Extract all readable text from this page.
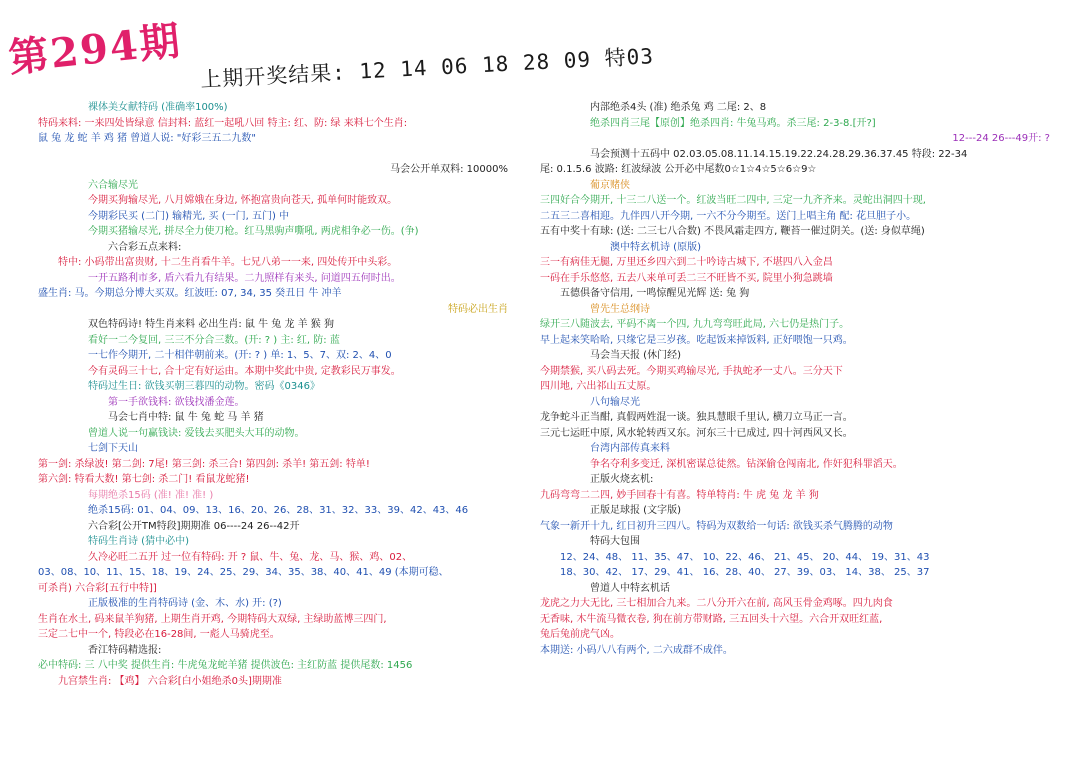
第294期 上期开奖结果: 12 14 06 18 28 09 特03
裸体美女献特码 (准确率100%)
特码来料: 一来四处皆绿意 信封料: 蓝红一起吼八回 特主: 红、防: 绿 来料七个生肖:
鼠 兔 龙 蛇 羊 鸡 猪 曾道人说: "好彩三五二九数"
马会公开单双料: 10000%
六合输尽光
今期买狗输尽光, 八月嫦娥在身边, 怀抱富贵向苍天, 孤单何时能致双。
今期彩民买 (二门) 输精光, 买 (一门, 五门) 中
今期买猪输尽光, 拼尽全力使刀枪。红马黑驹声嘶吼, 两虎相争必一伤。(争)
六合彩五点来料:
特中: 小码带出富贵财, 十二生肖看牛羊。七兄八弟一一来, 四处传开中头彩。
一开五路利市多, 盾六看九有结果。二九照样有来头, 问道四五何时出。
盛生肖: 马。今期总分博大买双。红波旺: 07, 34, 35 癸丑日 牛 冲羊
特码必出生肖
双色特码诗! 特生肖来料 必出生肖: 鼠 牛 兔 龙 羊 猴 狗
看好一二今复回, 三三不分合三数。(开: ? ) 主: 红, 防: 蓝
一七作今期开, 二十相伴朝前来。(开: ? ) 单: 1、5、7、双: 2、4、0
今有灵码三十七, 合十定有好运由。本期中奖此中贵, 定教彩民万事发。
特码过生日: 欲钱买朝三暮四的动物。密码《0346》
第一手欲钱料: 欲钱找潘金莲。
马会七肖中特: 鼠 牛 兔 蛇 马 羊 猪
曾道人说一句赢钱诀: 爱钱去买肥头大耳的动物。
七剑下天山
第一剑: 杀绿波! 第二剑: 7尾! 第三剑: 杀三合! 第四剑: 杀羊! 第五剑: 特单!
第六剑: 特看大数! 第七剑: 杀二门! 看鼠龙蛇猪!
每期绝杀15码 (准! 准! 准! )
绝杀15码: 01、04、09、13、16、20、26、28、31、32、33、39、42、43、46
六合彩[公开TM特段]期期准 06----24 26--42开
特码生肖诗 (猜中必中)
久冷必旺二五开 过一位有特码: 开 ? 鼠、牛、兔、龙、马、猴、鸡、02、
03、08、10、11、15、18、19、24、25、29、34、35、38、40、41、49 (本期可稳、
可杀肖) 六合彩[五行中特]]
正版极准的生肖特码诗 (金、木、水) 开: (?)
生肖在水土, 码来鼠羊狗猪, 上期生肖开鸡, 今期特码大双绿, 主绿助蓝博三四门,
三定二七中一个, 特段必在16-28间, 一彪人马骑虎至。
香江特码精选报:
必中特码: 三 八中奖 提供生肖: 牛虎兔龙蛇羊猪 提供波色: 主红防蓝 提供尾数: 1456
九宫禁生肖: 【鸡】 六合彩[白小姐绝杀0头]期期准
内部绝杀4头 (准) 绝杀兔 鸡 二尾: 2、8
绝杀四肖三尾【原创】绝杀四肖: 牛兔马鸡。杀三尾: 2-3-8.[开?]
12---24 26---49开: ?
马会预测十五码中 02.03.05.08.11.14.15.19.22.24.28.29.36.37.45 特段: 22-34
尾: 0.1.5.6 波路: 红波绿波 公开必中尾数0☆1☆4☆5☆6☆9☆
葡京赌侠
三四好合今期开, 十三二八送一个。红波当旺二四中, 三定一九齐齐来。灵蛇出洞四十现,
二五三二喜相迎。九伴四八开今期, 一六不分今期至。送门上唱主角 配: 花旦胆子小。
五有中奖十有球: (送: 二三七八合数) 不畏风霜走四方, 鞭苔一催过阴关。(送: 身似草绳)
澳中特玄机诗 (原版)
三一有病佳无腿, 万里还乡四六到二十吟诗古城下, 不堪四八入金昌
一码在手乐悠悠, 五去八来单可丢二三不旺皆不买, 院里小狗急跳墙
五德俱备守信用, 一鸣惊醒见光辉 送: 兔 狗
曾先生总纲诗
绿开三八随波去, 平码不离一个四, 九九弯弯旺此局, 六七仍是热门子。
早上起来笑哈哈, 只缘它是三岁孩。吃起饭来掉饭料, 正好喂饱一只鸡。
马会当天报 (休门经)
今期禁猴, 买八码去死。今期买鸡输尽光, 手执蛇矛一丈八。三分天下
四川地, 六出祁山五丈原。
八句输尽光
龙争蛇斗正当酣, 真假两姓混一谈。独具慧眼千里认, 横刀立马正一言。
三元七运旺中原, 风水轮转西又东。河东三十已成过, 四十河西风又长。
台湾内部传真来料
争名夺利多变迁, 深机密谋总徒然。钻深偷仓闯南北, 作奸犯科罪滔天。
正版火烧玄机:
九码弯弯二二四, 妙手回春十有喜。特单特肖: 牛 虎 兔 龙 羊 狗
正版足球报 (文字版)
气象一新开十九, 红日初升三四八。特码为双数给一句话: 欲钱买杀气腾腾的动物
特码大包围
12、24、48、 11、35、47、 10、22、46、 21、45、 20、44、 19、31、43
18、30、42、 17、29、41、 16、28、40、 27、39、03、 14、38、 25、37
曾道人中特玄机话
龙虎之力大无比, 三七相加合九来。二八分开六在前, 高风玉骨金鸡啄。四九肉食
无香味, 木牛流马微衣卷, 狗在前方带财路, 三五回头十六望。六合开双旺红蓝,
兔后兔前虎气凶。
本期送: 小码八八有两个, 二六成群不成伴。
